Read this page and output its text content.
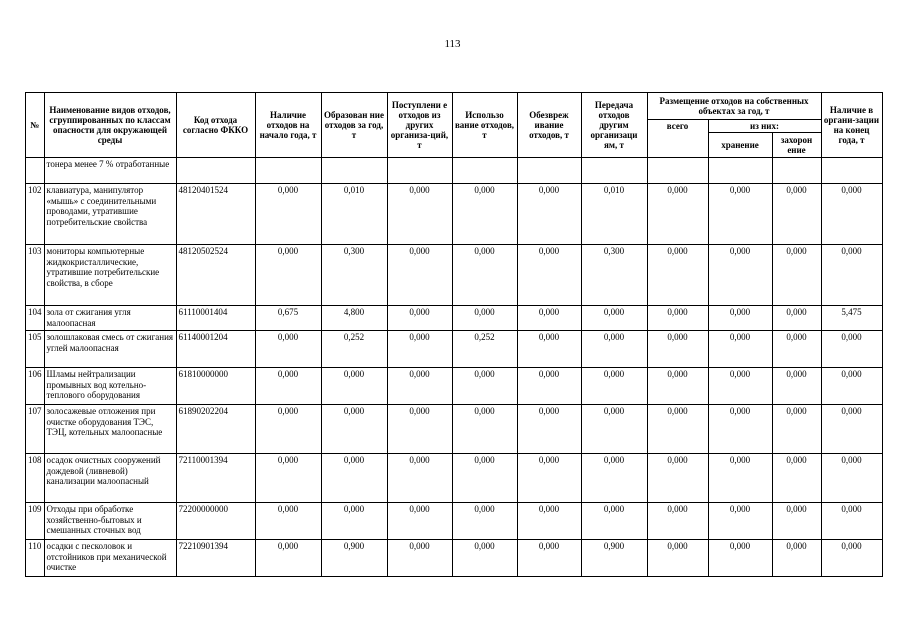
113
№	Наименование видов отходов, сгруппированных по классам опасности для окружающей среды	Код отхода согласно ФККО	Наличие отходов на начало года, т	Образован ние отходов за год, т	Поступлени е отходов из других организа-ций, т	Использо вание отходов, т	Обезвреж ивание отходов, т	Передача отходов другим организаци ям, т	Размещение отходов на собственных объектах за год, т			Наличие в органи-зации на конец года, т
									всего	из них:		
										хранение	захорон ение	
	тонера менее 7 % отработанные											
102	клавиатура, манипулятор «мышь» с соединительными проводами, утратившие потребительские свойства	48120401524	0,000	0,010	0,000	0,000	0,000	0,010	0,000	0,000	0,000	0,000
103	мониторы компьютерные жидкокристаллические, утратившие потребительские свойства, в сборе	48120502524	0,000	0,300	0,000	0,000	0,000	0,300	0,000	0,000	0,000	0,000
104	зола от сжигания угля малоопасная	61110001404	0,675	4,800	0,000	0,000	0,000	0,000	0,000	0,000	0,000	5,475
105	золошлаковая смесь от сжигания углей малоопасная	61140001204	0,000	0,252	0,000	0,252	0,000	0,000	0,000	0,000	0,000	0,000
106	Шламы нейтрализации промывных вод котельно-теплового оборудования	61810000000	0,000	0,000	0,000	0,000	0,000	0,000	0,000	0,000	0,000	0,000
107	золосажевые отложения при очистке оборудования ТЭС, ТЭЦ, котельных малоопасные	61890202204	0,000	0,000	0,000	0,000	0,000	0,000	0,000	0,000	0,000	0,000
108	осадок очистных сооружений дождевой (ливневой) канализации малоопасный	72110001394	0,000	0,000	0,000	0,000	0,000	0,000	0,000	0,000	0,000	0,000
109	Отходы при обработке хозяйственно-бытовых и смешанных сточных вод	72200000000	0,000	0,000	0,000	0,000	0,000	0,000	0,000	0,000	0,000	0,000
110	осадки с песколовок и отстойников при механической очистке	72210901394	0,000	0,900	0,000	0,000	0,000	0,900	0,000	0,000	0,000	0,000
